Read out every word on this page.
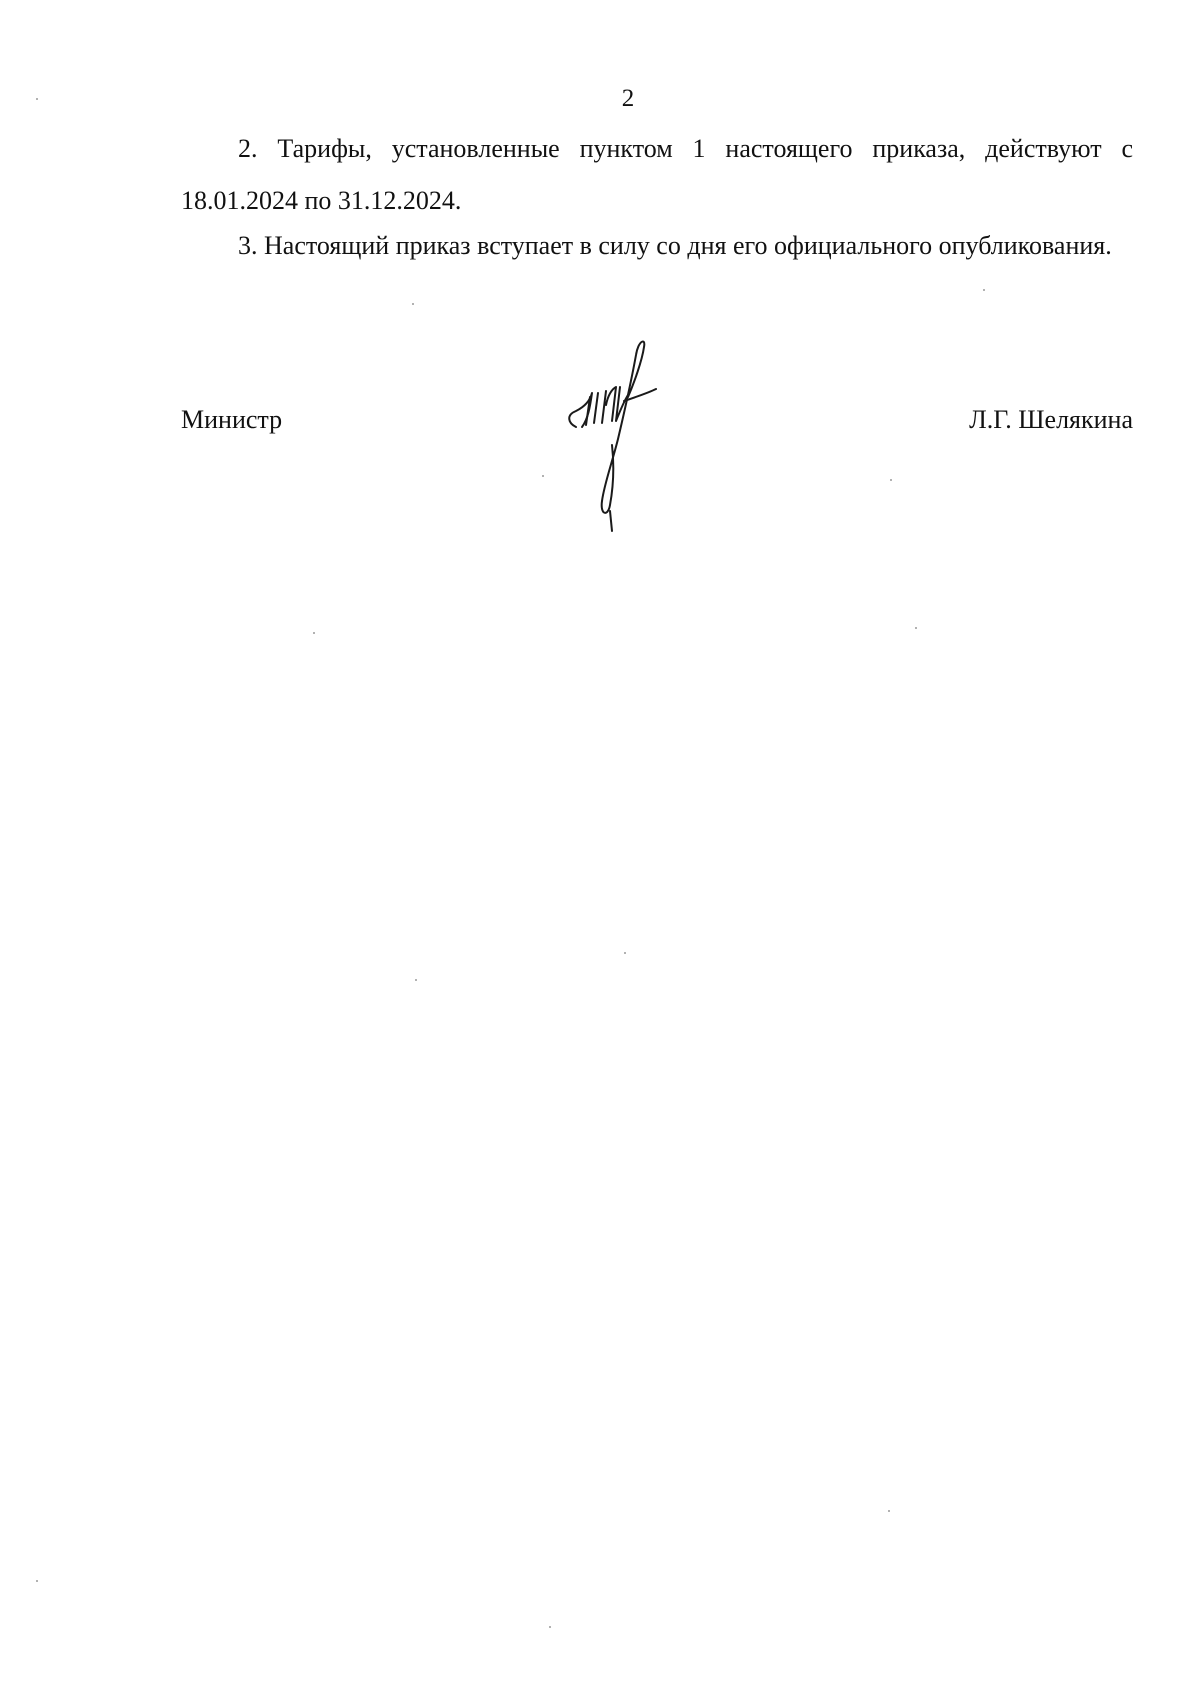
2

2. Тарифы, установленные пунктом 1 настоящего приказа, действуют с 18.01.2024 по 31.12.2024.

3. Настоящий приказ вступает в силу со дня его официального опубликования.

Министр	Л.Г. Шелякина
